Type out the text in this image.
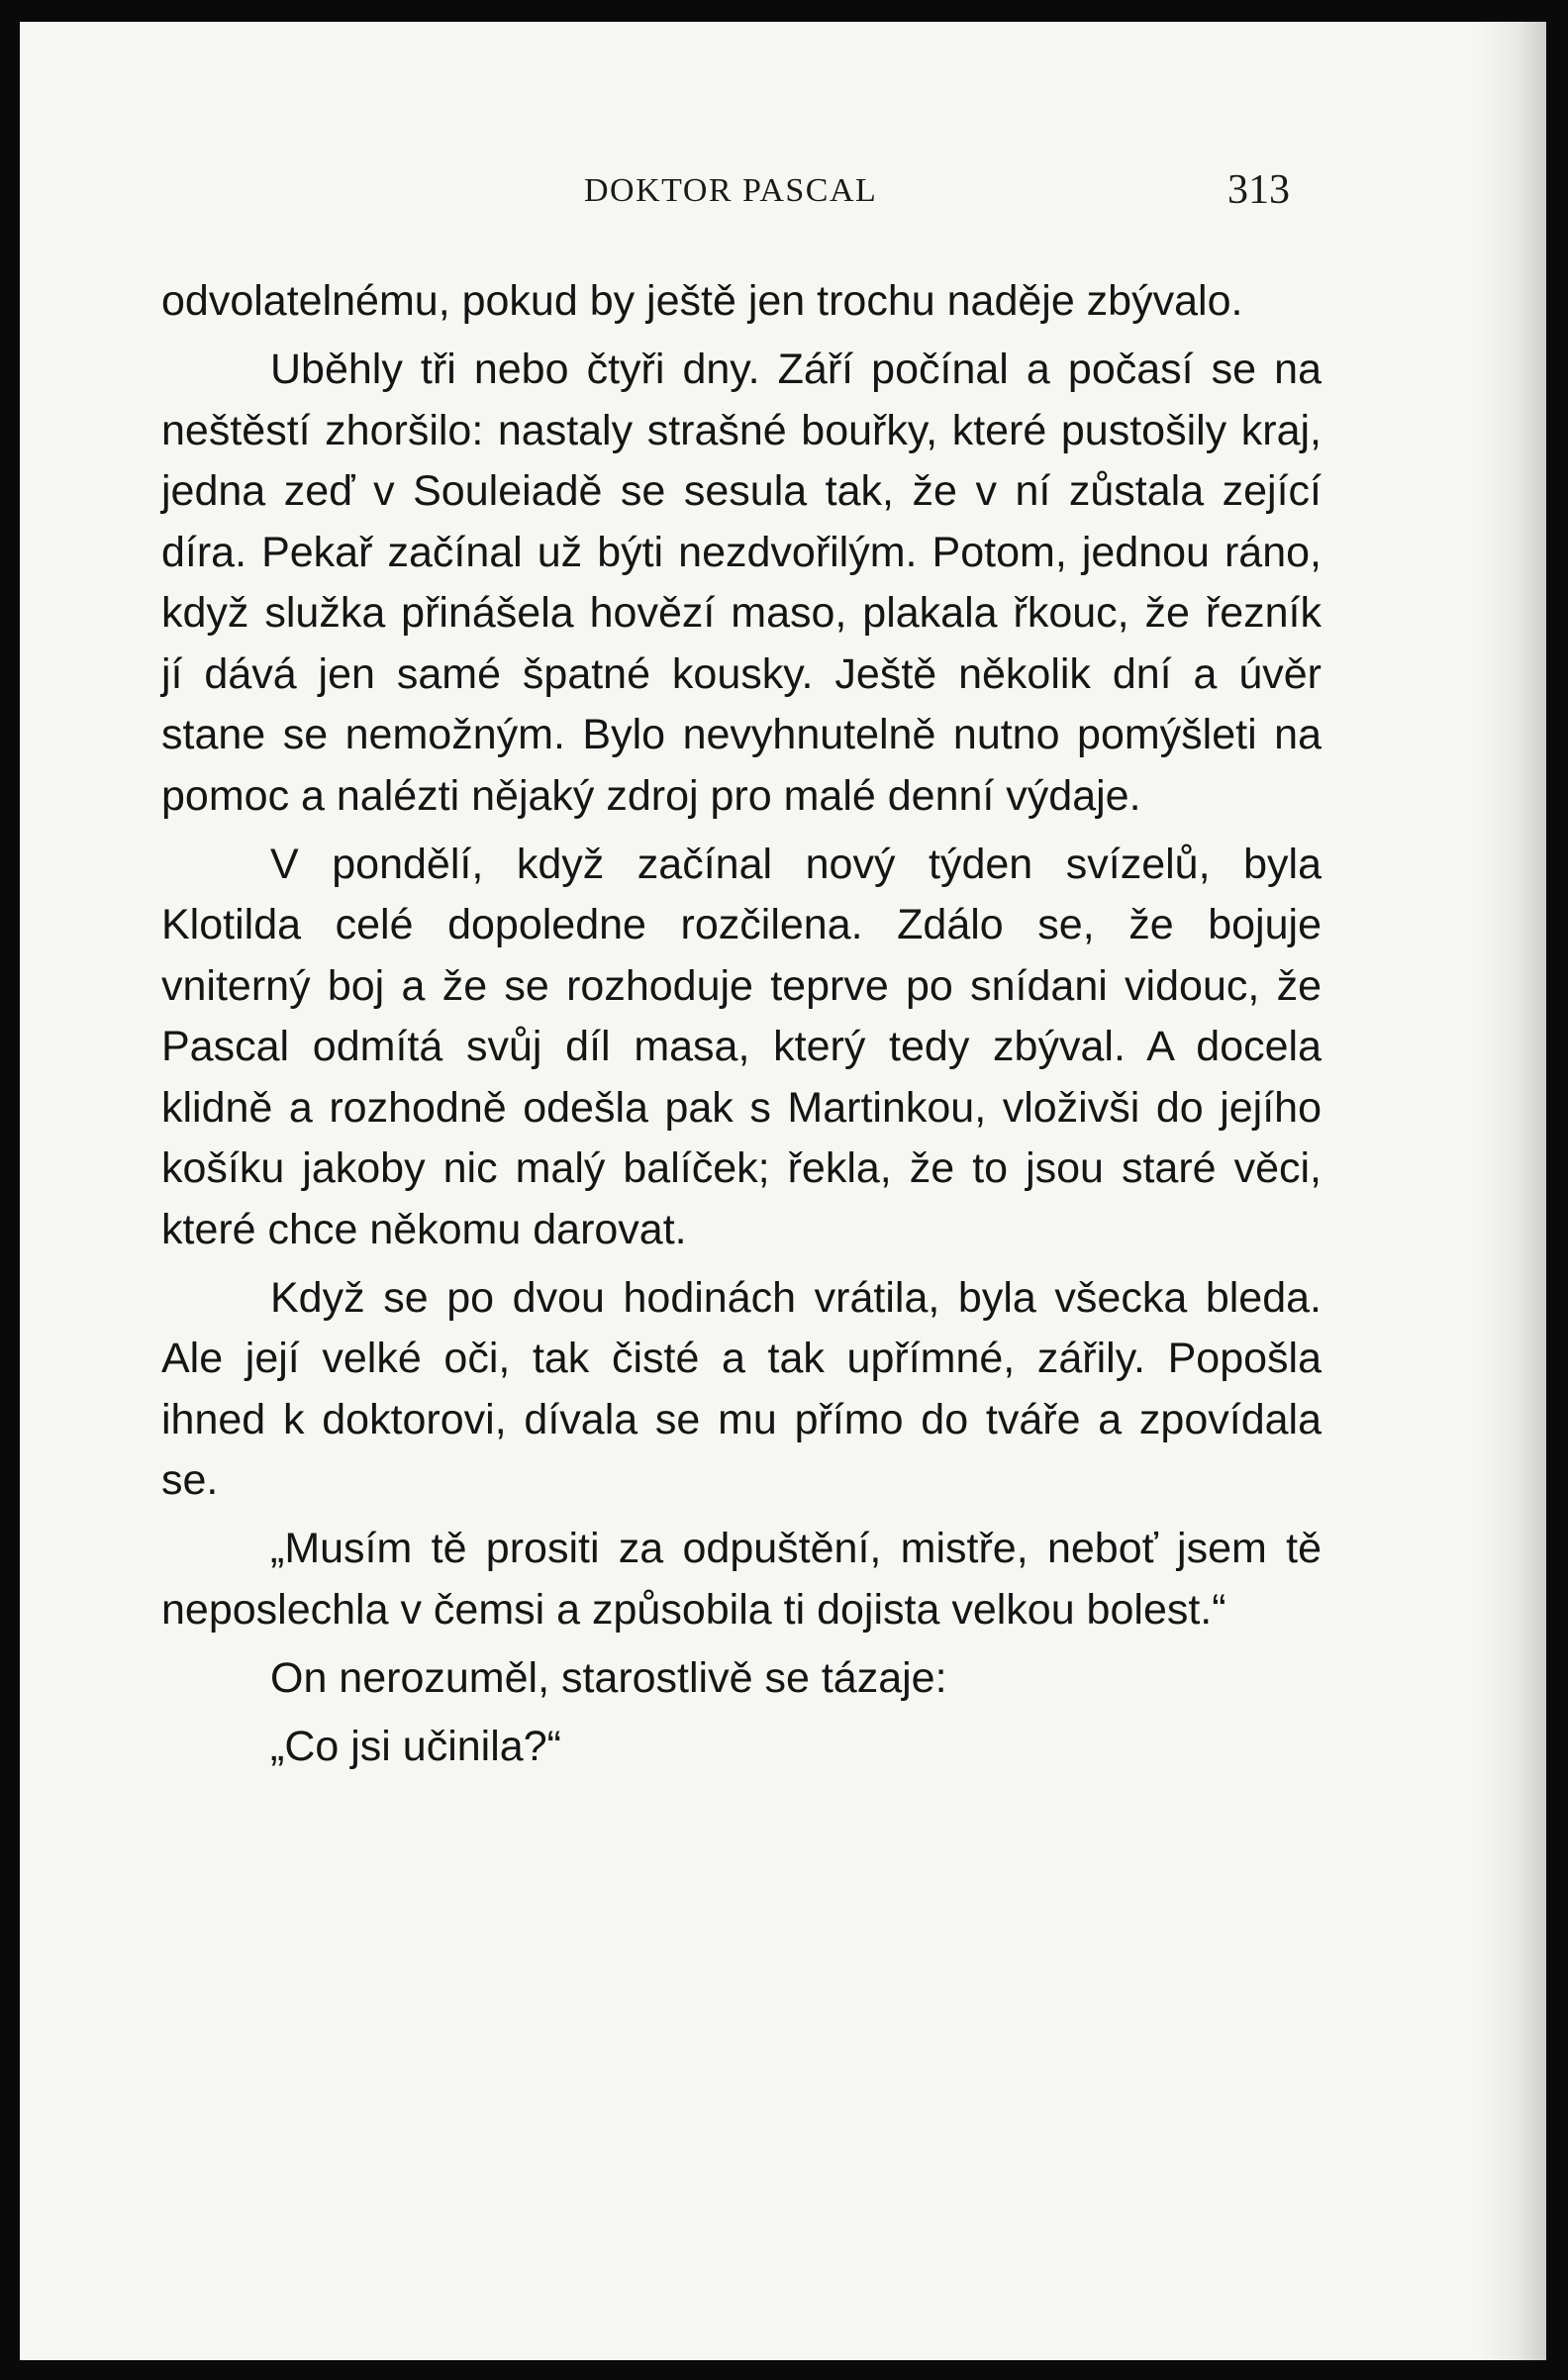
DOKTOR PASCAL	313

odvolatelnému, pokud by ještě jen trochu naděje zbývalo.

Uběhly tři nebo čtyři dny. Září počínal a počasí se na neštěstí zhoršilo: nastaly strašné bouřky, které pustošily kraj, jedna zeď v Souleiadě se sesula tak, že v ní zůstala zející díra. Pekař začínal už býti nezdvořilým. Potom, jednou ráno, když služka přinášela hovězí maso, plakala řkouc, že řezník jí dává jen samé špatné kousky. Ještě několik dní a úvěr stane se nemožným. Bylo nevyhnutelně nutno pomýšleti na pomoc a nalézti nějaký zdroj pro malé denní výdaje.

V pondělí, když začínal nový týden svízelů, byla Klotilda celé dopoledne rozčilena. Zdálo se, že bojuje vniterný boj a že se rozhoduje teprve po snídani vidouc, že Pascal odmítá svůj díl masa, který tedy zbýval. A docela klidně a rozhodně odešla pak s Martinkou, vloživši do jejího košíku jakoby nic malý balíček; řekla, že to jsou staré věci, které chce někomu darovat.

Když se po dvou hodinách vrátila, byla všecka bleda. Ale její velké oči, tak čisté a tak upřímné, zářily. Popošla ihned k doktorovi, dívala se mu přímo do tváře a zpovídala se.

„Musím tě prositi za odpuštění, mistře, neboť jsem tě neposlechla v čemsi a způsobila ti dojista velkou bolest.“

On nerozuměl, starostlivě se tázaje:

„Co jsi učinila?“
